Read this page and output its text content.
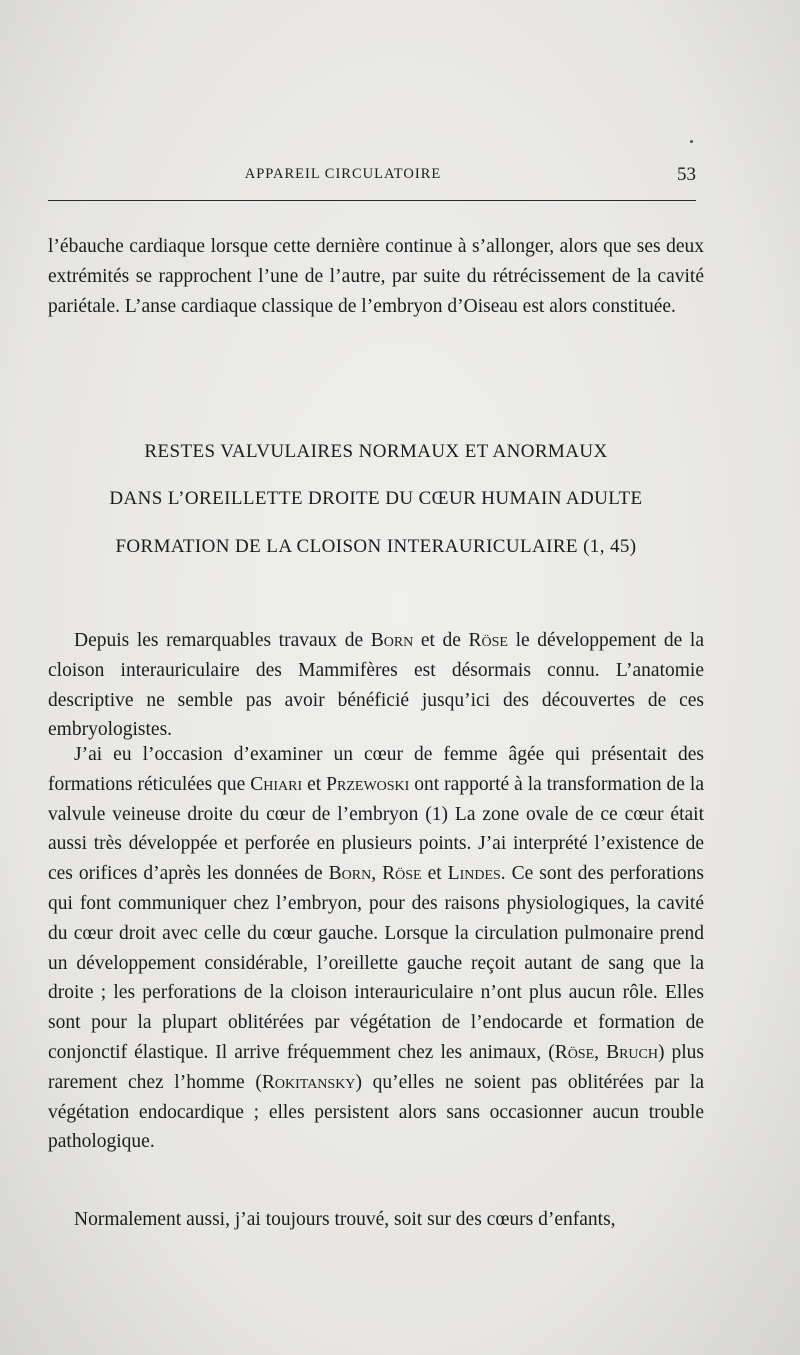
APPAREIL CIRCULATOIRE	53

l’ébauche cardiaque lorsque cette dernière continue à s’allonger, alors que ses deux extrémités se rapprochent l’une de l’autre, par suite du rétrécissement de la cavité pariétale. L’anse cardiaque classique de l’embryon d’Oiseau est alors constituée.

RESTES VALVULAIRES NORMAUX ET ANORMAUX
DANS L’OREILLETTE DROITE DU CŒUR HUMAIN ADULTE
FORMATION DE LA CLOISON INTERAURICULAIRE (1, 45)

Depuis les remarquables travaux de Born et de Röse le développement de la cloison interauriculaire des Mammifères est désormais connu. L’anatomie descriptive ne semble pas avoir bénéficié jusqu’ici des découvertes de ces embryologistes.

J’ai eu l’occasion d’examiner un cœur de femme âgée qui présentait des formations réticulées que Chiari et Przewoski ont rapporté à la transformation de la valvule veineuse droite du cœur de l’embryon (1) La zone ovale de ce cœur était aussi très développée et perforée en plusieurs points. J’ai interprété l’existence de ces orifices d’après les données de Born, Röse et Lindes. Ce sont des perforations qui font communiquer chez l’embryon, pour des raisons physiologiques, la cavité du cœur droit avec celle du cœur gauche. Lorsque la circulation pulmonaire prend un développement considérable, l’oreillette gauche reçoit autant de sang que la droite ; les perforations de la cloison interauriculaire n’ont plus aucun rôle. Elles sont pour la plupart oblitérées par végétation de l’endocarde et formation de conjonctif élastique. Il arrive fréquemment chez les animaux, (Röse, Bruch) plus rarement chez l’homme (Rokitansky) qu’elles ne soient pas oblitérées par la végétation endocardique ; elles persistent alors sans occasionner aucun trouble pathologique.

Normalement aussi, j’ai toujours trouvé, soit sur des cœurs d’enfants,
